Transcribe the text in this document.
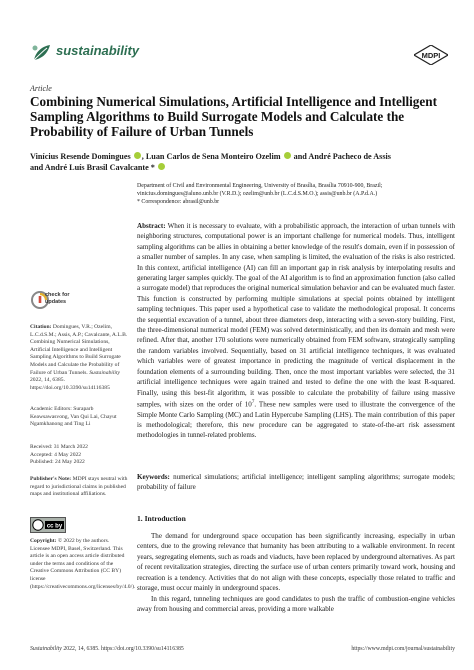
sustainability	MDPI
Article
Combining Numerical Simulations, Artificial Intelligence and Intelligent Sampling Algorithms to Build Surrogate Models and Calculate the Probability of Failure of Urban Tunnels
Vinícius Resende Domingues , Luan Carlos de Sena Monteiro Ozelim and André Pacheco de Assis
and André Luís Brasil Cavalcante *
Department of Civil and Environmental Engineering, University of Brasília, Brasília 70910-900, Brazil;
vinicius.domingues@aluno.unb.br (V.R.D.); ozelim@unb.br (L.C.d.S.M.O.); assis@unb.br (A.P.d.A.)
* Correspondence: abrasil@unb.br
check for
updates
Citation: Domingues, V.R.; Ozelim, L.C.d.S.M.; Assis, A.P.; Cavalcante, A.L.B. Combining Numerical Simulations, Artificial Intelligence and Intelligent Sampling Algorithms to Build Surrogate Models and Calculate the Probability of Failure of Urban Tunnels. Sustainability 2022, 14, 6385. https://doi.org/10.3390/su14116385
Academic Editors: Suraparb Keawsawasvong, Van Qui Lai, Chayut Ngamkhanong and Ting Li
Received: 31 March 2022
Accepted: 4 May 2022
Published: 24 May 2022
Publisher's Note: MDPI stays neutral with regard to jurisdictional claims in published maps and institutional affiliations.
cc by
Copyright: © 2022 by the authors. Licensee MDPI, Basel, Switzerland. This article is an open access article distributed under the terms and conditions of the Creative Commons Attribution (CC BY) license (https://creativecommons.org/licenses/by/4.0/).
Abstract: When it is necessary to evaluate, with a probabilistic approach, the interaction of urban tunnels with neighboring structures, computational power is an important challenge for numerical models. Thus, intelligent sampling algorithms can be allies in obtaining a better knowledge of the result's domain, even if in possession of a smaller number of samples. In any case, when sampling is limited, the evaluation of the risks is also restricted. In this context, artificial intelligence (AI) can fill an important gap in risk analysis by interpolating results and generating larger samples quickly. The goal of the AI algorithm is to find an approximation function (also called a surrogate model) that reproduces the original numerical simulation behavior and can be evaluated much faster. This function is constructed by performing multiple simulations at special points obtained by intelligent sampling techniques. This paper used a hypothetical case to validate the methodological proposal. It concerns the sequential excavation of a tunnel, about three diameters deep, interacting with a seven-story building. First, the three-dimensional numerical model (FEM) was solved deterministically, and then its domain and mesh were refined. After that, another 170 solutions were numerically obtained from FEM software, strategically sampling the random variables involved. Sequentially, based on 31 artificial intelligence techniques, it was evaluated which variables were of greatest importance in predicting the magnitude of vertical displacement in the foundation elements of a surrounding building. Then, once the most important variables were selected, the 31 artificial intelligence techniques were again trained and tested to define the one with the least R-squared. Finally, using this best-fit algorithm, it was possible to calculate the probability of failure using massive samples, with sizes on the order of $10^7$. These new samples were used to illustrate the convergence of the Simple Monte Carlo Sampling (MC) and Latin Hypercube Sampling (LHS). The main contribution of this paper is methodological; therefore, this new procedure can be aggregated to state-of-the-art risk assessment methodologies in tunnel-related problems.
Keywords: numerical simulations; artificial intelligence; intelligent sampling algorithms; surrogate models; probability of failure
1. Introduction
The demand for underground space occupation has been significantly increasing, especially in urban centers, due to the growing relevance that humanity has been attributing to a walkable environment. In recent years, segregating elements, such as roads and viaducts, have been replaced by underground alternatives. As part of recent revitalization strategies, directing the surface use of urban centers primarily toward work, housing and recreation is a tendency. Activities that do not align with these concepts, especially those related to traffic and storage, must occur mainly in underground spaces.
In this regard, tunneling techniques are good candidates to push the traffic of combustion-engine vehicles away from housing and commercial areas, providing a more walkable
Sustainability 2022, 14, 6385. https://doi.org/10.3390/su14116385	https://www.mdpi.com/journal/sustainability
